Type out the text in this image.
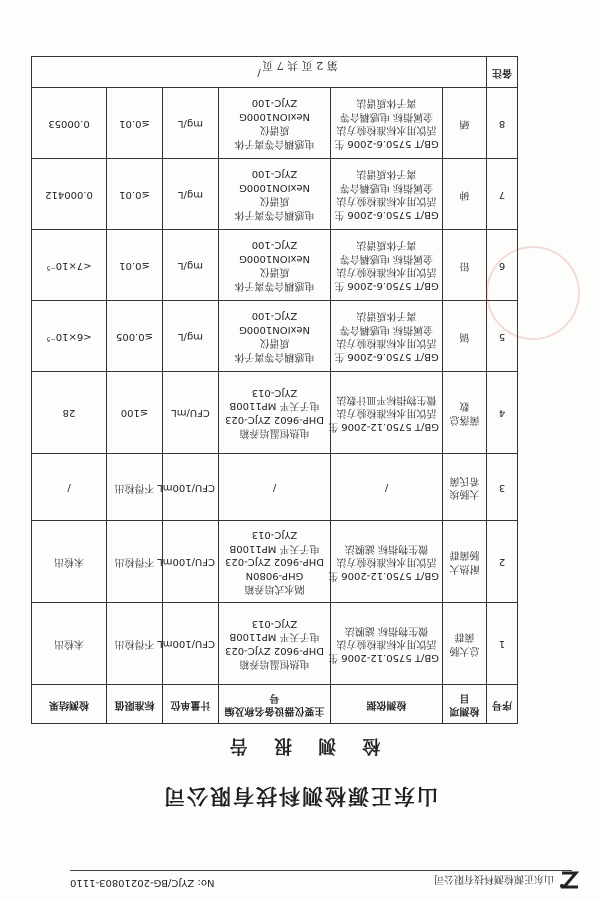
山东正源检测科技有限公司
No: ZYJC/BG-2021080З-1110
山东正源检测科技有限公司
检 测 报 告
序号	检测项目	检测依据	主要仪器设备名称及编号	计量单位	标准限值	检测结果
1	总大肠菌群	GB/T 5750.12-2006 生
活饮用水标准检验方法
微生物指标 滤膜法	电热恒温培养箱
DHP-9602 ZYJC-023
电子天平 MP1100B
ZYJC-013	CFU/100mL	不得检出	未检出
2	耐热大肠菌群	GB/T 5750.12-2006 生
活饮用水标准检验方法
微生物指标 滤膜法	隔水式培养箱
GHP-9080N
DHP-9602 ZYJC-023
电子天平 MP1100B
ZYJC-013	CFU/100mL	不得检出	未检出
3	大肠埃希氏菌	/	/	CFU/100mL	不得检出	/
4	菌落总数	GB/T 5750.12-2006 生
活饮用水标准检验方法
微生物指标平皿计数法	电热恒温培养箱
DHP-9602 ZYJC-023
电子天平 MP1100B
ZYJC-013	CFU/mL	≤100	28
5	镉	GB/T 5750.6-2006 生
活饮用水标准检验方法
金属指标 电感耦合等
离子体质谱法	电感耦合等离子体
质谱仪
NexION1000G
ZYJC-100	mg/L	≤0.005	<6×10⁻⁵
6	铅	GB/T 5750.6-2006 生
活饮用水标准检验方法
金属指标 电感耦合等
离子体质谱法	电感耦合等离子体
质谱仪
NexION1000G
ZYJC-100	mg/L	≤0.01	<7×10⁻⁵
7	砷	GB/T 5750.6-2006 生
活饮用水标准检验方法
金属指标 电感耦合等
离子体质谱法	电感耦合等离子体
质谱仪
NexION1000G
ZYJC-100	mg/L	≤0.01	0.000412
8	硒	GB/T 5750.6-2006 生
活饮用水标准检验方法
金属指标 电感耦合等
离子体质谱法	电感耦合等离子体
质谱仪
NexION1000G
ZYJC-100	mg/L	≤0.01	0.00053
备注	/					
第 2 页 共 7 页
